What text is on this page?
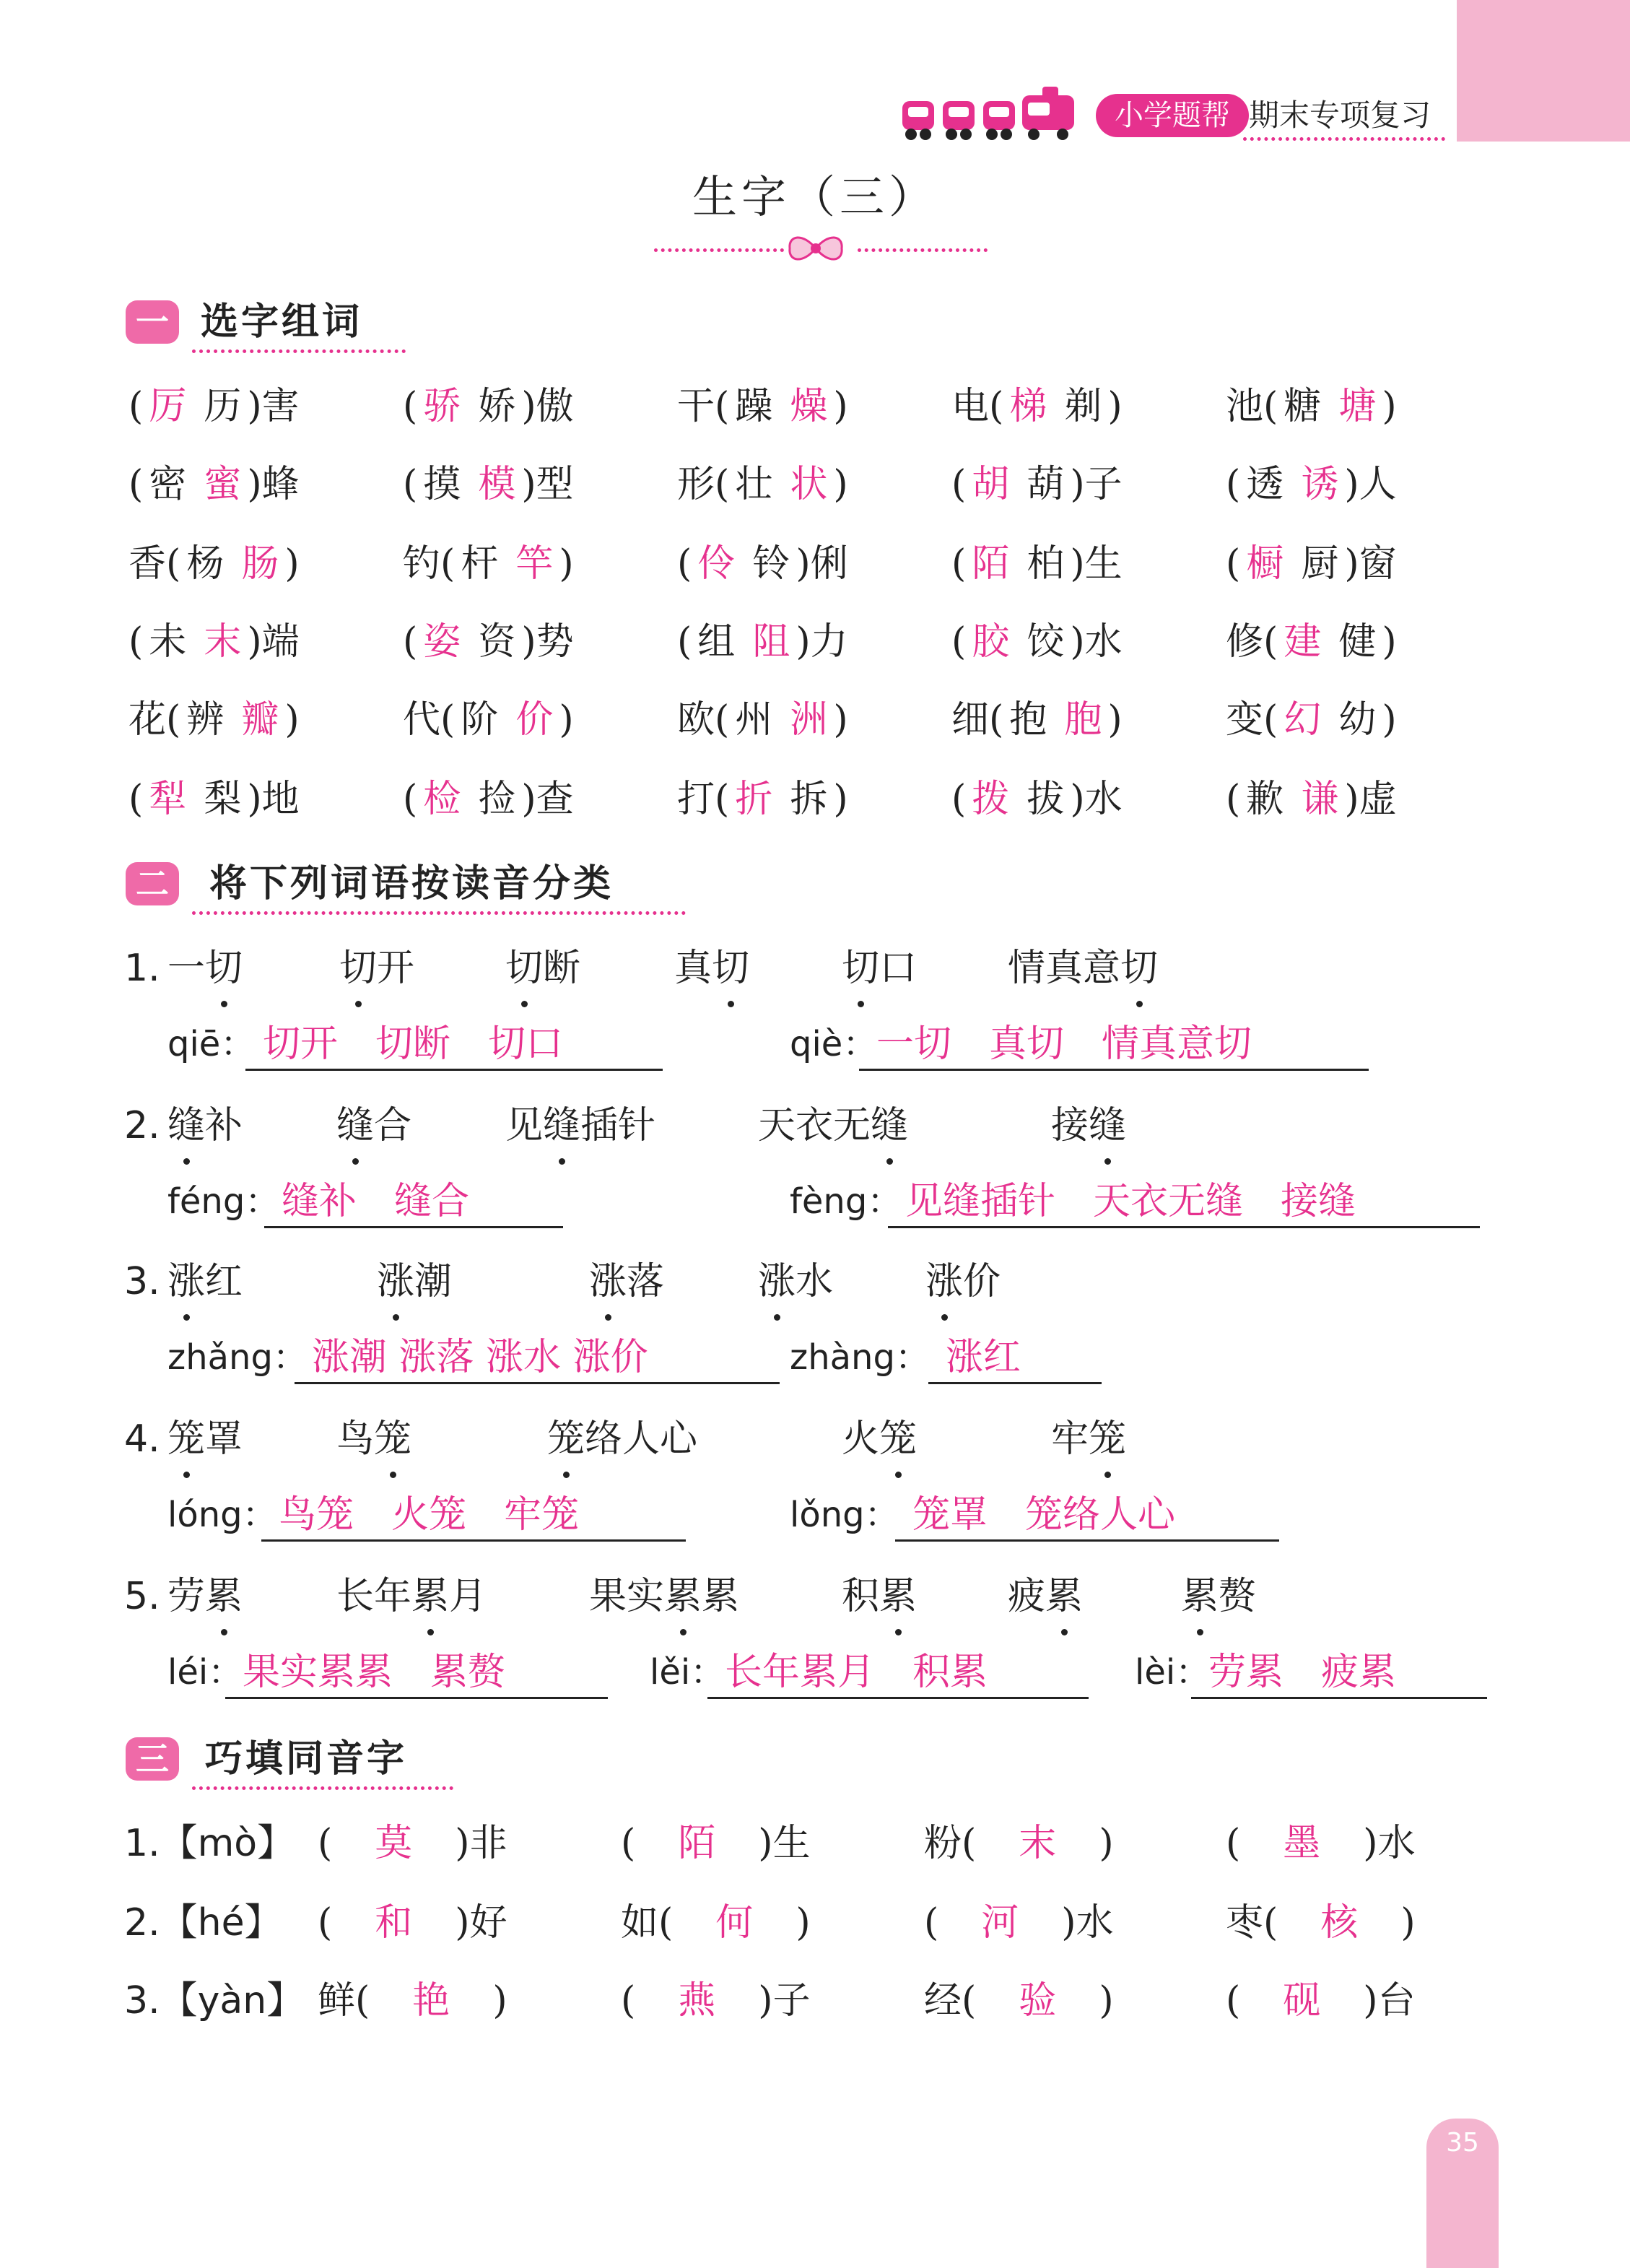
小学题帮 期末专项复习
生字（三）
一 选字组词
二 将下列词语按读音分类
三 巧填同音字
35
( 厉 历 )害	( 骄 娇 )傲	干( 躁 燥 )	电( 梯 剃 )	池( 糖 塘 )
( 密 蜜 )蜂	( 摸 模 )型	形( 壮 状 )	( 胡 葫 )子	( 透 诱 )人
香( 杨 肠 )	钓( 杆 竿 )	( 伶 铃 )俐	( 陌 柏 )生	( 橱 厨 )窗
( 未 末 )端	( 姿 资 )势	( 组 阻 )力	( 胶 饺 )水	修( 建 健 )
花( 辨 瓣 )	代( 阶 价 )	欧( 州 洲 )	细( 抱 胞 )	变( 幻 幼 )
( 犁 梨 )地	( 检 捡 )查	打( 折 拆 )	( 拨 拔 )水	( 歉 谦 )虚
1. 一切	切开 切断 真切 切口 情真意切
qiē： 切开　切断　切口	qiè：
一切　真切　情真意切
2. 缝补 缝合 见缝插针	天衣无缝	接缝
féng： 缝补　缝合	fèng： 见缝插针　天衣无缝　接缝
3. 涨红	涨潮	涨落 涨水 涨价
zhǎng： 涨潮 涨落 涨水 涨价	zhàng： 涨红
4. 笼罩 鸟笼	笼络人心	火笼	牢笼
lóng： 鸟笼　火笼　牢笼	lǒng： 笼罩　笼络人心
5. 劳累 长年累月	果实累累	积累 疲累	累赘
léi： 果实累累　累赘	lěi： 长年累月　积累	lèi：
劳累　疲累
1.【mò】 ( 莫 )非	( 陌 )生	粉( 末 )	( 墨 )水
2.【hé】 ( 和 )好	如( 何 )	( 河 )水	枣( 核 )
3.【yàn】 鲜( 艳 )	( 燕 )子	经( 验 )	( 砚 )台
